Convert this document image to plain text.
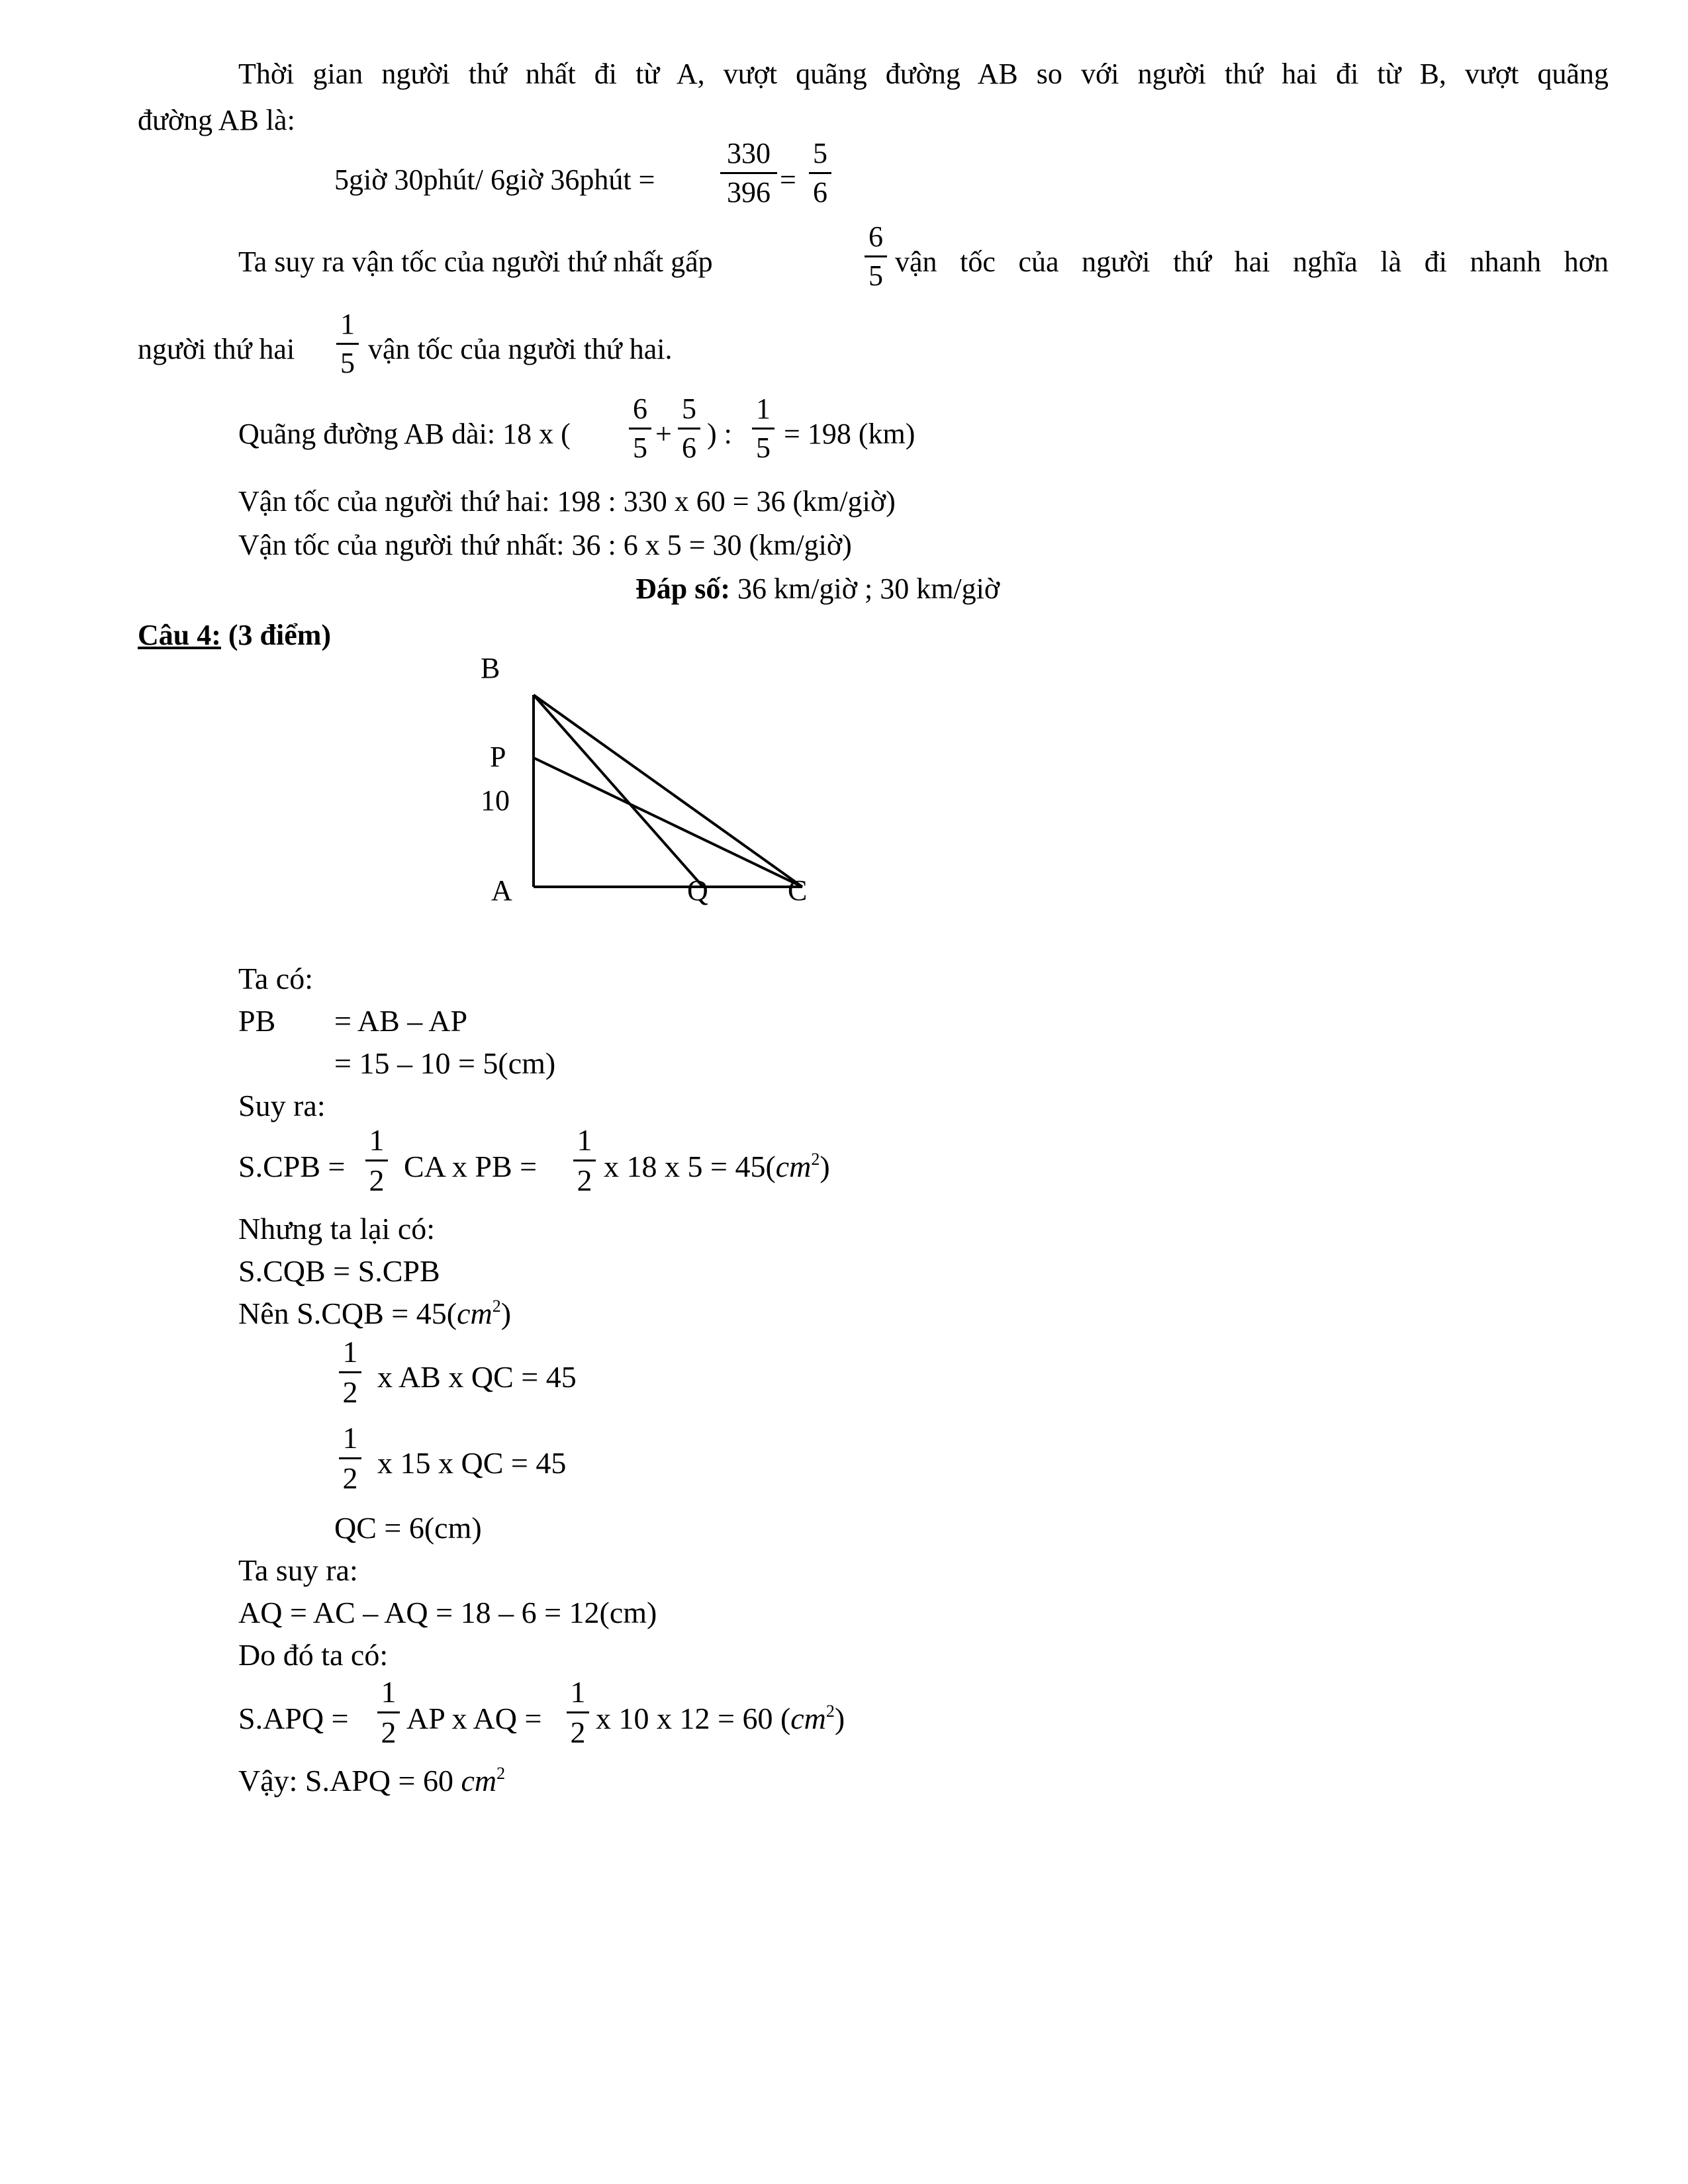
Thời gian người thứ nhất đi từ A, vượt quãng đường AB so với người thứ hai đi từ B, vượt quãng
đường AB là:
5giờ 30phút/ 6giờ 36phút =
330
396 =
5
6
Ta suy ra vận tốc của người thứ nhất gấp
6
5 vận tốc của người thứ hai nghĩa là đi nhanh hơn
người thứ hai
1
5 vận tốc của người thứ hai.
Quãng đường AB dài: 18 x (
6
5 +
5
6 ) :
1
5 = 198 (km)
Vận tốc của người thứ hai: 198 : 330 x 60 = 36 (km/giờ)
Vận tốc của người thứ nhất: 36 : 6 x 5 = 30 (km/giờ)
Đáp số: 36 km/giờ ; 30 km/giờ
Câu 4: (3 điểm)
B
P
10
A	Q	C
Ta có:
PB = AB – AP
= 15 – 10 = 5(cm)
Suy ra:
S.CPB =
1
2 CA x PB =
1
2 x 18 x $5 = 45(cm^2)$
Nhưng ta lại có:
S.CQB = S.CPB
Nên $S.CQB = 45(cm^2)$
1
2 x AB x QC = 45
1
2 x 15 x QC = 45
QC = 6(cm)
Ta suy ra:
AQ = AC – AQ = 18 – 6 = 12(cm)
Do đó ta có:
S.APQ =
1
2 AP x AQ =
1
2 x 10 x 12 = 60 $(cm^2)$
Vậy: S.APQ = 60 $cm^2$
